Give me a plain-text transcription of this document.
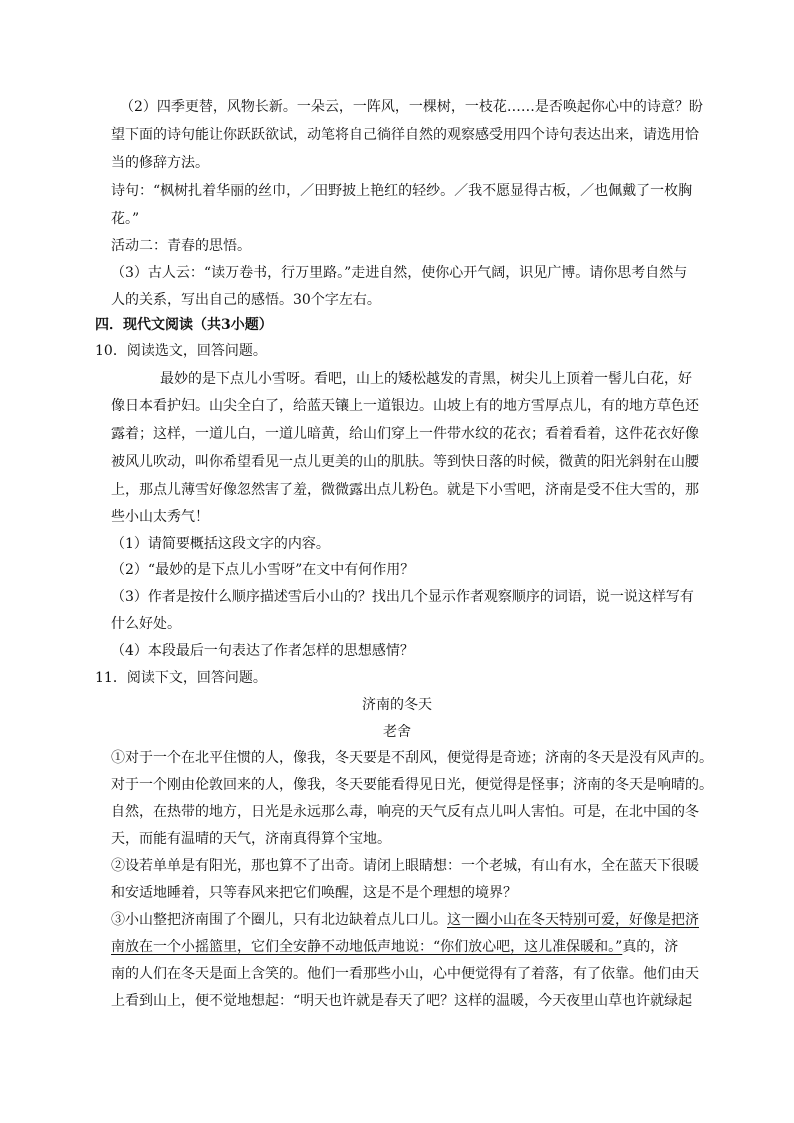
（2）四季更替，风物长新。一朵云，一阵风，一棵树，一枝花……是否唤起你心中的诗意？盼
望下面的诗句能让你跃跃欲试，动笔将自己徜徉自然的观察感受用四个诗句表达出来，请选用恰
当的修辞方法。
诗句：“枫树扎着华丽的丝巾，／田野披上艳红的轻纱。／我不愿显得古板，／也佩戴了一枚胸
花。”
活动二：青春的思悟。
（3）古人云：“读万卷书，行万里路。”走进自然，使你心开气阔，识见广博。请你思考自然与
人的关系，写出自己的感悟。30个字左右。
四．现代文阅读（共3小题）
10．阅读选文，回答问题。
最妙的是下点儿小雪呀。看吧，山上的矮松越发的青黑，树尖儿上顶着一髻儿白花，好
像日本看护妇。山尖全白了，给蓝天镶上一道银边。山坡上有的地方雪厚点儿，有的地方草色还
露着；这样，一道儿白，一道儿暗黄，给山们穿上一件带水纹的花衣；看着看着，这件花衣好像
被风儿吹动，叫你希望看见一点儿更美的山的肌肤。等到快日落的时候，微黄的阳光斜射在山腰
上，那点儿薄雪好像忽然害了羞，微微露出点儿粉色。就是下小雪吧，济南是受不住大雪的，那
些小山太秀气！
（1）请简要概括这段文字的内容。
（2）“最妙的是下点儿小雪呀”在文中有何作用？
（3）作者是按什么顺序描述雪后小山的？找出几个显示作者观察顺序的词语，说一说这样写有
什么好处。
（4）本段最后一句表达了作者怎样的思想感情？
11．阅读下文，回答问题。
济南的冬天
老舍
①对于一个在北平住惯的人，像我，冬天要是不刮风，便觉得是奇迹；济南的冬天是没有风声的。
对于一个刚由伦敦回来的人，像我，冬天要能看得见日光，便觉得是怪事；济南的冬天是响晴的。
自然，在热带的地方，日光是永远那么毒，响亮的天气反有点儿叫人害怕。可是，在北中国的冬
天，而能有温晴的天气，济南真得算个宝地。
②设若单单是有阳光，那也算不了出奇。请闭上眼睛想：一个老城，有山有水，全在蓝天下很暖
和安适地睡着，只等春风来把它们唤醒，这是不是个理想的境界？
③小山整把济南围了个圈儿，只有北边缺着点儿口儿。这一圈小山在冬天特别可爱，好像是把济
南放在一个小摇篮里，它们全安静不动地低声地说：“你们放心吧，这儿准保暖和。”真的，济
南的人们在冬天是面上含笑的。他们一看那些小山，心中便觉得有了着落，有了依靠。他们由天
上看到山上，便不觉地想起：“明天也许就是春天了吧？这样的温暖，今天夜里山草也许就绿起
